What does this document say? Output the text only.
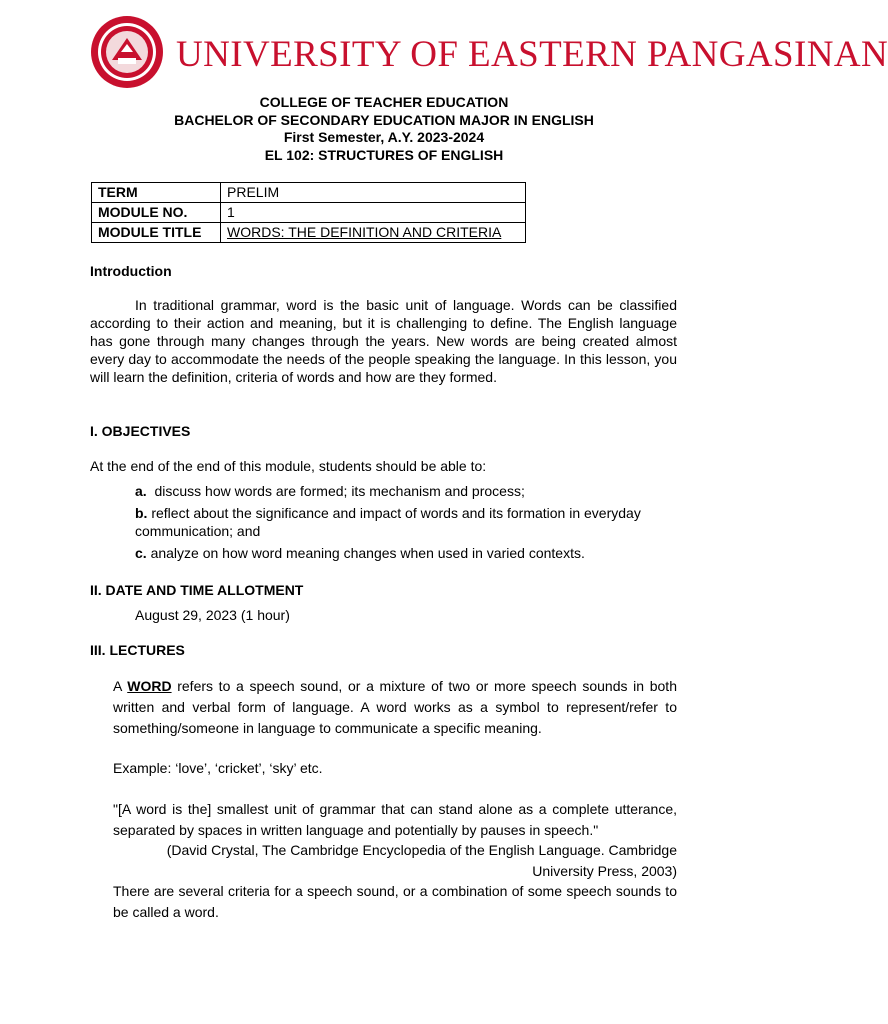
UNIVERSITY OF EASTERN PANGASINAN
COLLEGE OF TEACHER EDUCATION
BACHELOR OF SECONDARY EDUCATION MAJOR IN ENGLISH
First Semester, A.Y. 2023-2024
EL 102: STRUCTURES OF ENGLISH
TERM	PRELIM
MODULE NO.	1
MODULE TITLE	WORDS: THE DEFINITION AND CRITERIA
Introduction
In traditional grammar, word is the basic unit of language. Words can be classified according to their action and meaning, but it is challenging to define. The English language has gone through many changes through the years. New words are being created almost every day to accommodate the needs of the people speaking the language. In this lesson, you will learn the definition, criteria of words and how are they formed.
I. OBJECTIVES
At the end of the end of this module, students should be able to:
a. discuss how words are formed; its mechanism and process;
b. reflect about the significance and impact of words and its formation in everyday communication; and
c. analyze on how word meaning changes when used in varied contexts.
II. DATE AND TIME ALLOTMENT
August 29, 2023 (1 hour)
III. LECTURES
A WORD refers to a speech sound, or a mixture of two or more speech sounds in both written and verbal form of language. A word works as a symbol to represent/refer to something/someone in language to communicate a specific meaning.
Example: ‘love’, ‘cricket’, ‘sky’ etc.
"[A word is the] smallest unit of grammar that can stand alone as a complete utterance, separated by spaces in written language and potentially by pauses in speech."
(David Crystal, The Cambridge Encyclopedia of the English Language. Cambridge University Press, 2003)
There are several criteria for a speech sound, or a combination of some speech sounds to be called a word.
